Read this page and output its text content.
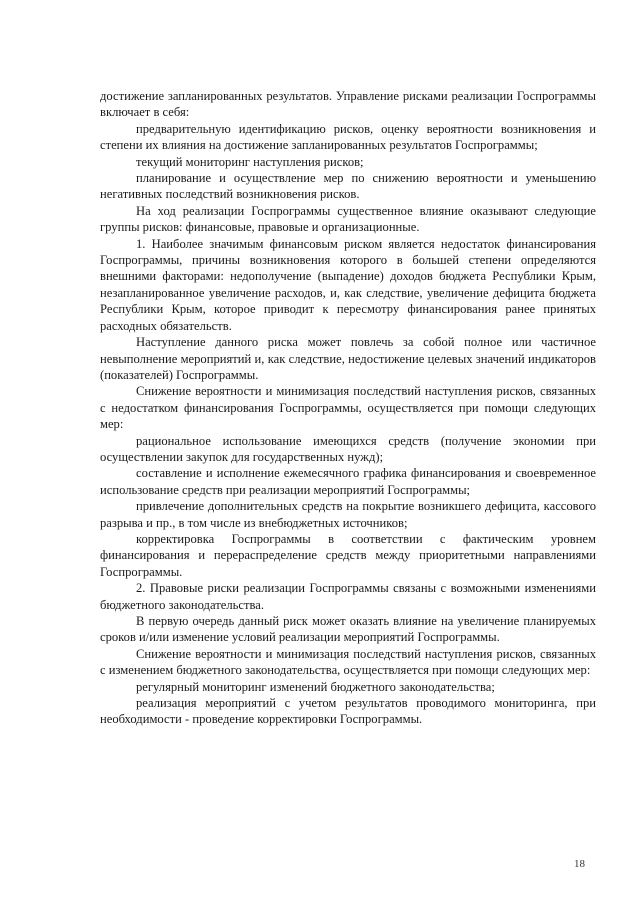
достижение запланированных результатов. Управление рисками реализации Госпрограммы включает в себя:

предварительную идентификацию рисков, оценку вероятности возникновения и степени их влияния на достижение запланированных результатов Госпрограммы;

текущий мониторинг наступления рисков;

планирование и осуществление мер по снижению вероятности и уменьшению негативных последствий возникновения рисков.

На ход реализации Госпрограммы существенное влияние оказывают следующие группы рисков: финансовые, правовые и организационные.

1. Наиболее значимым финансовым риском является недостаток финансирования Госпрограммы, причины возникновения которого в большей степени определяются внешними факторами: недополучение (выпадение) доходов бюджета Республики Крым, незапланированное увеличение расходов, и, как следствие, увеличение дефицита бюджета Республики Крым, которое приводит к пересмотру финансирования ранее принятых расходных обязательств.

Наступление данного риска может повлечь за собой полное или частичное невыполнение мероприятий и, как следствие, недостижение целевых значений индикаторов (показателей) Госпрограммы.

Снижение вероятности и минимизация последствий наступления рисков, связанных с недостатком финансирования Госпрограммы, осуществляется при помощи следующих мер:

рациональное использование имеющихся средств (получение экономии при осуществлении закупок для государственных нужд);

составление и исполнение ежемесячного графика финансирования и своевременное использование средств при реализации мероприятий Госпрограммы;

привлечение дополнительных средств на покрытие возникшего дефицита, кассового разрыва и пр., в том числе из внебюджетных источников;

корректировка Госпрограммы в соответствии с фактическим уровнем финансирования и перераспределение средств между приоритетными направлениями Госпрограммы.

2. Правовые риски реализации Госпрограммы связаны с возможными изменениями бюджетного законодательства.

В первую очередь данный риск может оказать влияние на увеличение планируемых сроков и/или изменение условий реализации мероприятий Госпрограммы.

Снижение вероятности и минимизация последствий наступления рисков, связанных с изменением бюджетного законодательства, осуществляется при помощи следующих мер:

регулярный мониторинг изменений бюджетного законодательства;

реализация мероприятий с учетом результатов проводимого мониторинга, при необходимости - проведение корректировки Госпрограммы.

18
